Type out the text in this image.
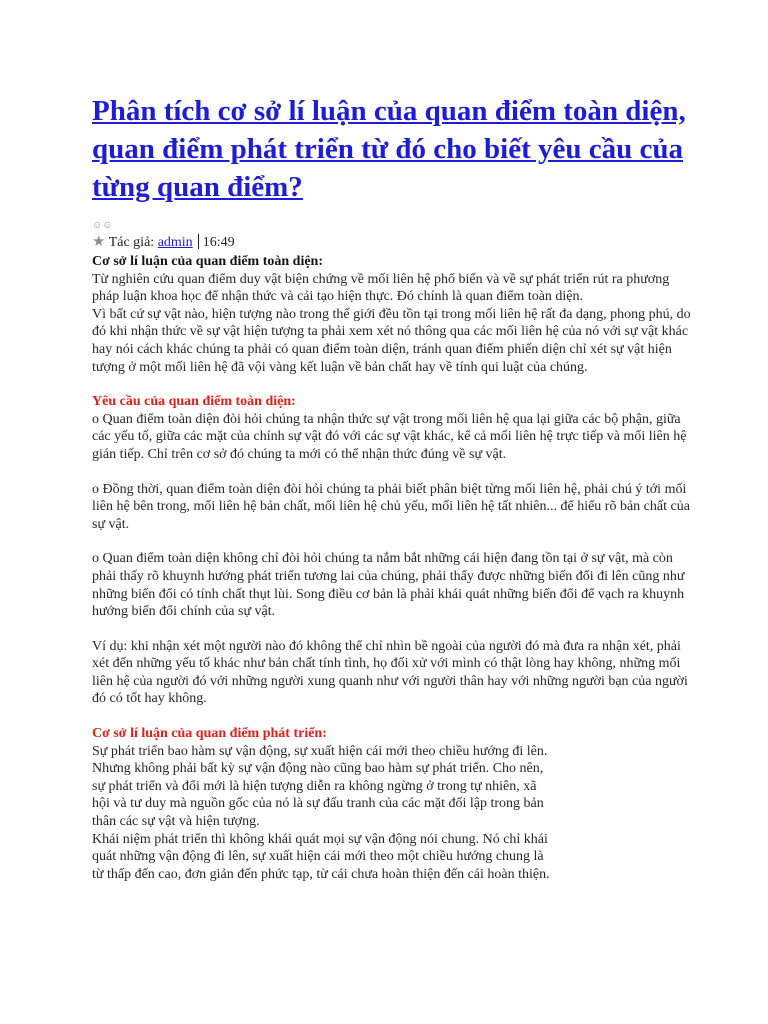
Phân tích cơ sở lí luận của quan điểm toàn diện, quan điểm phát triển từ đó cho biết yêu cầu của từng quan điểm?
☺☺
★ Tác giả: admin 16:49

Cơ sở lí luận của quan điểm toàn diện:

Từ nghiên cứu quan điểm duy vật biện chứng về mối liên hệ phổ biến và về sự phát triển rút ra phương pháp luận khoa học để nhận thức và cải tạo hiện thực. Đó chính là quan điểm toàn diện.

Vì bất cứ sự vật nào, hiện tượng nào trong thế giới đều tồn tại trong mối liên hệ rất đa dạng, phong phú, do đó khi nhận thức về sự vật hiện tượng ta phải xem xét nó thông qua các mối liên hệ của nó với sự vật khác hay nói cách khác chúng ta phải có quan điểm toàn diện, tránh quan điểm phiến diện chỉ xét sự vật hiện tượng ở một mối liên hệ đã vội vàng kết luận về bản chất hay về tính qui luật của chúng.

Yêu cầu của quan điểm toàn diện:

o Quan điểm toàn diện đòi hỏi chúng ta nhận thức sự vật trong mối liên hệ qua lại giữa các bộ phận, giữa các yếu tố, giữa các mặt của chính sự vật đó với các sự vật khác, kể cả mối liên hệ trực tiếp và mối liên hệ gián tiếp. Chỉ trên cơ sở đó chúng ta mới có thể nhận thức đúng về sự vật.

o Đồng thời, quan điểm toàn diện đòi hỏi chúng ta phải biết phân biệt từng mối liên hệ, phải chú ý tới mối liên hệ bên trong, mối liên hệ bản chất, mối liên hệ chủ yếu, mối liên hệ tất nhiên... để hiểu rõ bản chất của sự vật.

o Quan điểm toàn diện không chỉ đòi hỏi chúng ta nắm bắt những cái hiện đang tồn tại ở sự vật, mà còn phải thấy rõ khuynh hướng phát triển tương lai của chúng, phải thấy được những biến đổi đi lên cũng như những biến đổi có tính chất thụt lùi. Song điều cơ bản là phải khái quát những biến đổi để vạch ra khuynh hướng biến đổi chính của sự vật.

Ví dụ: khi nhận xét một người nào đó không thể chỉ nhìn bề ngoài của người đó mà đưa ra nhận xét, phải xét đến những yếu tố khác như bản chất tính tình, họ đối xử với mình có thật lòng hay không, những mối liên hệ của người đó với những người xung quanh như với người thân hay với những người bạn của người đó có tốt hay không.

Cơ sở lí luận của quan điểm phát triển:

Sự phát triển bao hàm sự vận động, sự xuất hiện cái mới theo chiều hướng đi lên. Nhưng không phải bất kỳ sự vận động nào cũng bao hàm sự phát triển. Cho nên, sự phát triển và đổi mới là hiện tượng diễn ra không ngừng ở trong tự nhiên, xã hội và tư duy mà nguồn gốc của nó là sự đấu tranh của các mặt đối lập trong bản thân các sự vật và hiện tượng.

Khái niệm phát triển thì không khái quát mọi sự vận động nói chung. Nó chỉ khái quát những vận động đi lên, sự xuất hiện cái mới theo một chiều hướng chung là từ thấp đến cao, đơn giản đến phức tạp, từ cái chưa hoàn thiện đến cái hoàn thiện.
